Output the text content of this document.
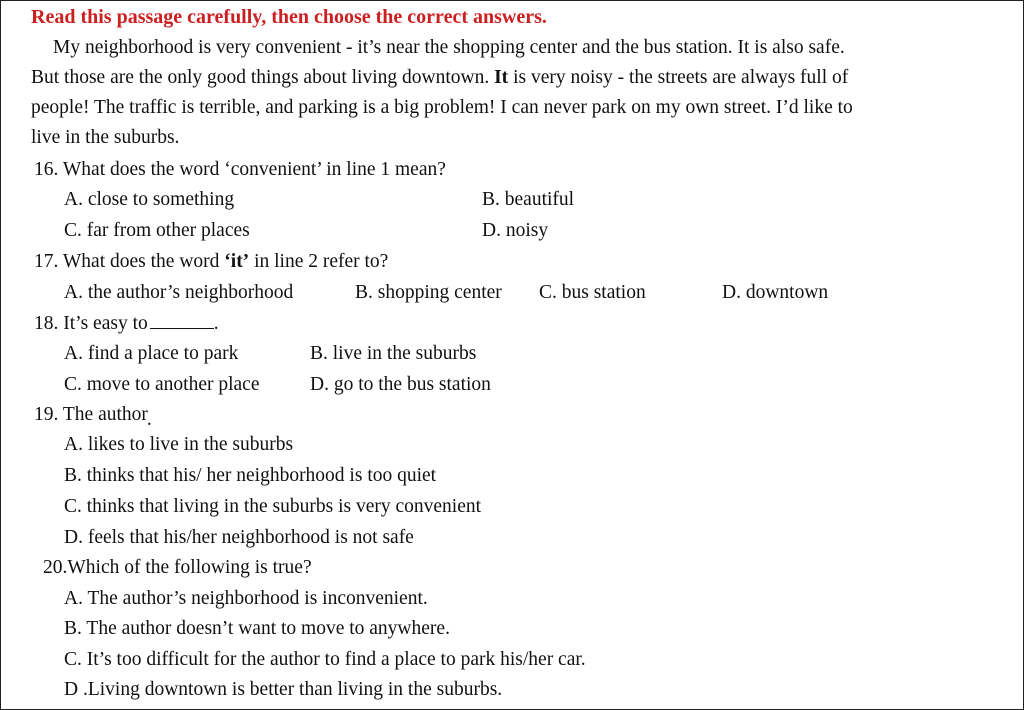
Read this passage carefully, then choose the correct answers.
My neighborhood is very convenient - it’s near the shopping center and the bus station. It is also safe.
But those are the only good things about living downtown. It is very noisy - the streets are always full of
people! The traffic is terrible, and parking is a big problem! I can never park on my own street. I’d like to
live in the suburbs.
16. What does the word ‘convenient’ in line 1 mean?
A. close to something	B. beautiful
C. far from other places	D. noisy
17. What does the word ‘it’ in line 2 refer to?
A. the author’s neighborhood	B. shopping center C. bus station	D. downtown
18. It’s easy to	.
A. find a place to park	B. live in the suburbs
C. move to another place	D. go to the bus station
19. The author.
A. likes to live in the suburbs
B. thinks that his/ her neighborhood is too quiet
C. thinks that living in the suburbs is very convenient
D. feels that his/her neighborhood is not safe
20.Which of the following is true?
A. The author’s neighborhood is inconvenient.
B. The author doesn’t want to move to anywhere.
C. It’s too difficult for the author to find a place to park his/her car.
D .Living downtown is better than living in the suburbs.
